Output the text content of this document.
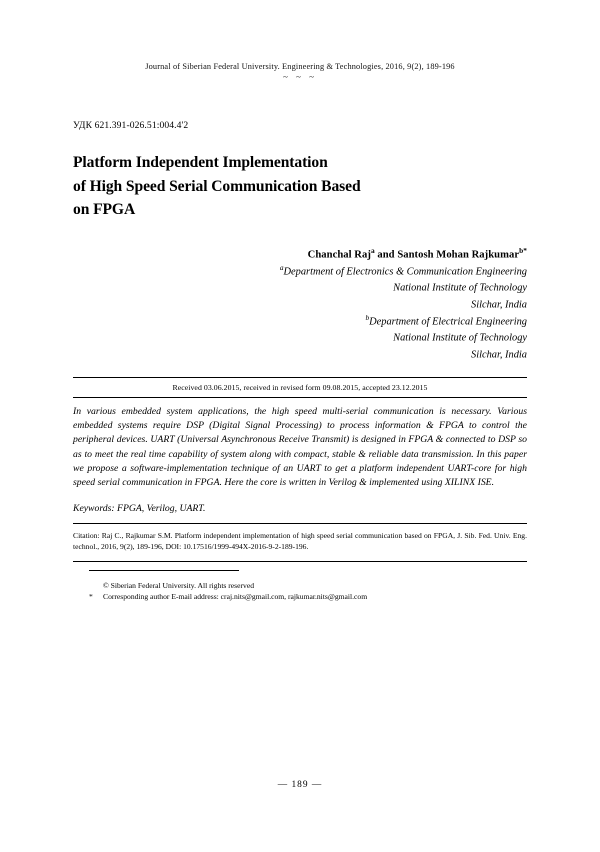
Journal of Siberian Federal University. Engineering & Technologies, 2016, 9(2), 189-196
~ ~ ~
УДК 621.391-026.51:004.4'2
Platform Independent Implementation
of High Speed Serial Communication Based
on FPGA
Chanchal Raj$^a$ and Santosh Mohan Rajkumar$^{b*}$
$^a$Department of Electronics & Communication Engineering
National Institute of Technology
Silchar, India
$^b$Department of Electrical Engineering
National Institute of Technology
Silchar, India
Received 03.06.2015, received in revised form 09.08.2015, accepted 23.12.2015
In various embedded system applications, the high speed multi-serial communication is necessary. Various embedded systems require DSP (Digital Signal Processing) to process information & FPGA to control the peripheral devices. UART (Universal Asynchronous Receive Transmit) is designed in FPGA & connected to DSP so as to meet the real time capability of system along with compact, stable & reliable data transmission. In this paper we propose a software-implementation technique of an UART to get a platform independent UART-core for high speed serial communication in FPGA. Here the core is written in Verilog & implemented using XILINX ISE.
Keywords: FPGA, Verilog, UART.
Citation: Raj C., Rajkumar S.M. Platform independent implementation of high speed serial communication based on FPGA, J. Sib. Fed. Univ. Eng. technol., 2016, 9(2), 189-196, DOI: 10.17516/1999-494X-2016-9-2-189-196.
© Siberian Federal University. All rights reserved
*	Corresponding author E-mail address: craj.nits@gmail.com, rajkumar.nits@gmail.com
— 189 —
